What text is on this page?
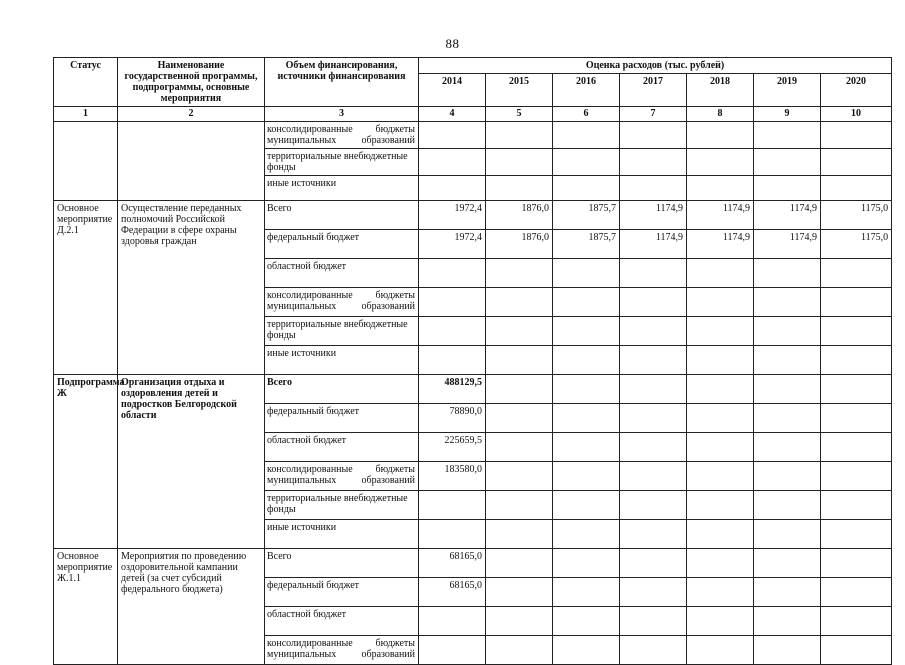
88
Статус	Наименование государственной программы, подпрограммы, основные мероприятия	Объем финансирования, источники финансирования	Оценка расходов (тыс. рублей)						
			2014	2015	2016	2017	2018	2019	2020
1	2	3	4	5	6	7	8	9	10
		консолидированные бюджеты муниципальных образований							
		территориальные внебюджетные фонды							
		иные источники							
Основное мероприятие Д.2.1	Осуществление переданных полномочий Российской Федерации в сфере охраны здоровья граждан	Всего	1972,4	1876,0	1875,7	1174,9	1174,9	1174,9	1175,0
		федеральный бюджет	1972,4	1876,0	1875,7	1174,9	1174,9	1174,9	1175,0
		областной бюджет							
		консолидированные бюджеты муниципальных образований							
		территориальные внебюджетные фонды							
		иные источники							
Подпрограмма Ж	Организация отдыха и оздоровления детей и подростков Белгородской области	Всего	488129,5						
		федеральный бюджет	78890,0						
		областной бюджет	225659,5						
		консолидированные бюджеты муниципальных образований	183580,0						
		территориальные внебюджетные фонды							
		иные источники							
Основное мероприятие Ж.1.1	Мероприятия по проведению оздоровительной кампании детей (за счет субсидий федерального бюджета)	Всего	68165,0						
		федеральный бюджет	68165,0						
		областной бюджет							
		консолидированные бюджеты муниципальных образований							
